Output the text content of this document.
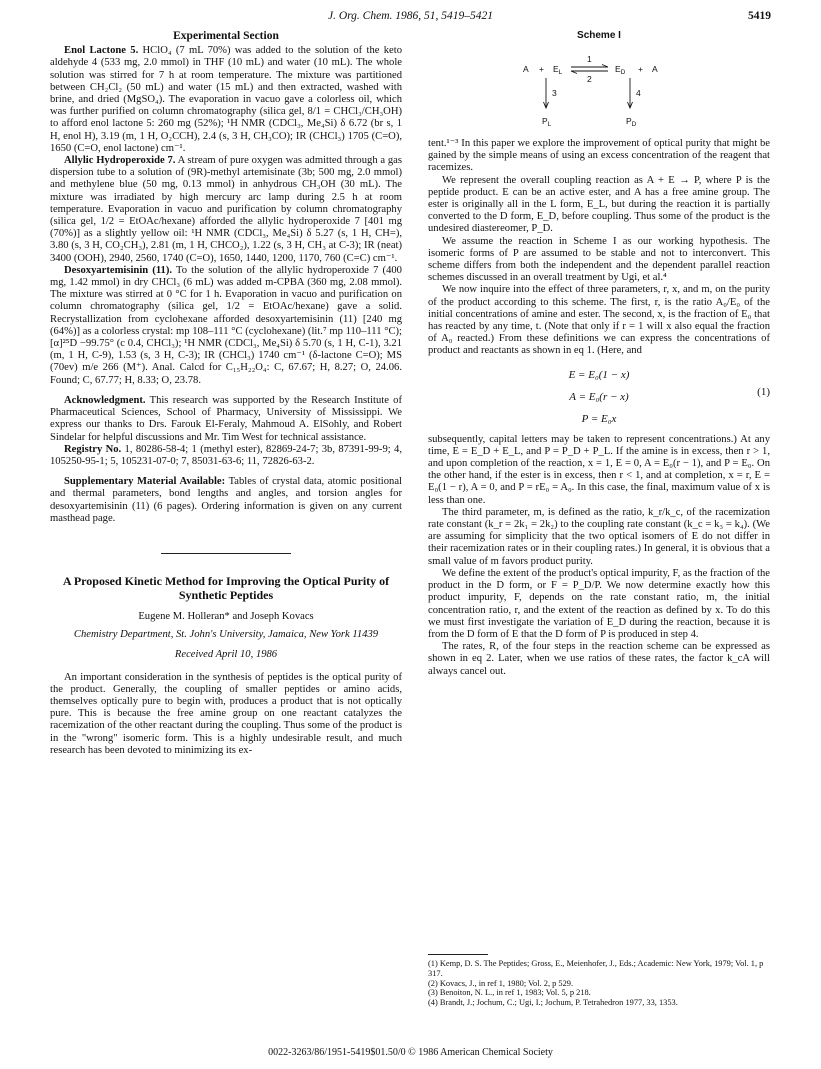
J. Org. Chem. 1986, 51, 5419–5421	5419
Experimental Section

Enol Lactone 5. HClO₄ (7 mL 70%) was added to the solution of the keto aldehyde 4 (533 mg, 2.0 mmol) in THF (10 mL) and water (10 mL). The whole solution was stirred for 7 h at room temperature. The mixture was partitioned between CH₂Cl₂ (50 mL) and water (15 mL) and then extracted, washed with brine, and dried (MgSO₄). The evaporation in vacuo gave a colorless oil, which was further purified on column chromatography (silica gel, 8/1 = CHCl₃/CH₃OH) to afford enol lactone 5: 260 mg (52%); ¹H NMR (CDCl₃, Me₄Si) δ 6.72 (br s, 1 H, enol H), 3.19 (m, 1 H, O₂CCH), 2.4 (s, 3 H, CH₃CO); IR (CHCl₃) 1705 (C=O), 1650 (C=O, enol lactone) cm⁻¹.

Allylic Hydroperoxide 7. A stream of pure oxygen was admitted through a gas dispersion tube to a solution of (9R)-methyl artemisinate (3b; 500 mg, 2.0 mmol) and methylene blue (50 mg, 0.13 mmol) in anhydrous CH₃OH (30 mL). The mixture was irradiated by high mercury arc lamp during 2.5 h at room temperature. Evaporation in vacuo and purification by column chromatography (silica gel, 1/2 = EtOAc/hexane) afforded the allylic hydroperoxide 7 [401 mg (70%)] as a slightly yellow oil: ¹H NMR (CDCl₃, Me₄Si) δ 5.27 (s, 1 H, CH=), 3.80 (s, 3 H, CO₂CH₃), 2.81 (m, 1 H, CHCO₂), 1.22 (s, 3 H, CH₃ at C-3); IR (neat) 3400 (OOH), 2940, 2560, 1740 (C=O), 1650, 1440, 1200, 1170, 760 (C=C) cm⁻¹.

Desoxyartemisinin (11). To the solution of the allylic hydroperoxide 7 (400 mg, 1.42 mmol) in dry CHCl₃ (6 mL) was added m-CPBA (360 mg, 2.08 mmol). The mixture was stirred at 0 °C for 1 h. Evaporation in vacuo and purification on column chromatography (silica gel, 1/2 = EtOAc/hexane) gave a solid. Recrystallization from cyclohexane afforded desoxyartemisinin (11) [240 mg (64%)] as a colorless crystal: mp 108–111 °C (cyclohexane) (lit.⁷ mp 110–111 °C); [α]²⁵D −99.75° (c 0.4, CHCl₃); ¹H NMR (CDCl₃, Me₄Si) δ 5.70 (s, 1 H, C-1), 3.21 (m, 1 H, C-9), 1.53 (s, 3 H, C-3); IR (CHCl₃) 1740 cm⁻¹ (δ-lactone C=O); MS (70ev) m/e 266 (M⁺). Anal. Calcd for C₁₅H₂₂O₄: C, 67.67; H, 8.27; O, 24.06. Found; C, 67.77; H, 8.33; O, 23.78.

Acknowledgment. This research was supported by the Research Institute of Pharmaceutical Sciences, School of Pharmacy, University of Mississippi. We express our thanks to Drs. Farouk El-Feraly, Mahmoud A. ElSohly, and Robert Sindelar for helpful discussions and Mr. Tim West for technical assistance.

Registry No. 1, 80286-58-4; 1 (methyl ester), 82869-24-7; 3b, 87391-99-9; 4, 105250-95-1; 5, 105231-07-0; 7, 85031-63-6; 11, 72826-63-2.

Supplementary Material Available: Tables of crystal data, atomic positional and thermal parameters, bond lengths and angles, and torsion angles for desoxyartemisinin (11) (6 pages). Ordering information is given on any current masthead page.

A Proposed Kinetic Method for Improving the Optical Purity of Synthetic Peptides

Eugene M. Holleran* and Joseph Kovacs

Chemistry Department, St. John's University, Jamaica, New York 11439

Received April 10, 1986

An important consideration in the synthesis of peptides is the optical purity of the product. Generally, the coupling of smaller peptides or amino acids, themselves optically pure to begin with, produces a product that is not optically pure. This is because the free amine group on one reactant catalyzes the racemization of the other reactant during the coupling. Thus some of the product is in the "wrong" isomeric form. This is a highly undesirable result, and much research has been devoted to minimizing its ex-

Scheme I
$A + E_L$
1
2
$E_D + A$
3	4
$P_L$	$P_D$

tent.¹⁻³ In this paper we explore the improvement of optical purity that might be gained by the simple means of using an excess concentration of the reagent that racemizes.

We represent the overall coupling reaction as A + E → P, where P is the peptide product. E can be an active ester, and A has a free amine group. The ester is originally all in the L form, E_L, but during the reaction it is partially converted to the D form, E_D, before coupling. Thus some of the product is the undesired diastereomer, P_D.

We assume the reaction in Scheme I as our working hypothesis. The isomeric forms of P are assumed to be stable and not to interconvert. This scheme differs from both the independent and the dependent parallel reaction schemes discussed in an overall treatment by Ugi, et al.⁴

We now inquire into the effect of three parameters, r, x, and m, on the purity of the product according to this scheme. The first, r, is the ratio A₀/E₀ of the initial concentrations of amine and ester. The second, x, is the fraction of E₀ that has reacted by any time, t. (Note that only if r = 1 will x also equal the fraction of A₀ reacted.) From these definitions we can express the concentrations of product and reactants as shown in eq 1. (Here, and

E = E₀(1 − x)
A = E₀(r − x)
P = E₀x
(1)

subsequently, capital letters may be taken to represent concentrations.) At any time, E = E_D + E_L, and P = P_D + P_L. If the amine is in excess, then r > 1, and upon completion of the reaction, x = 1, E = 0, A = E₀(r − 1), and P = E₀. On the other hand, if the ester is in excess, then r < 1, and at completion, x = r, E = E₀(1 − r), A = 0, and P = rE₀ = A₀. In this case, the final, maximum value of x is less than one.

The third parameter, m, is defined as the ratio, k_r/k_c, of the racemization rate constant (k_r = 2k₁ = 2k₂) to the coupling rate constant (k_c = k₃ = k₄). (We are assuming for simplicity that the two optical isomers of E do not differ in their racemization rates or in their coupling rates.) In general, it is obvious that a small value of m favors product purity.

We define the extent of the product's optical impurity, F, as the fraction of the product in the D form, or F = P_D/P. We now determine exactly how this product impurity, F, depends on the rate constant ratio, m, the initial concentration ratio, r, and the extent of the reaction as defined by x. To do this we must first investigate the variation of E_D during the reaction, because it is from the D form of E that the D form of P is produced in step 4.

The rates, R, of the four steps in the reaction scheme can be expressed as shown in eq 2. Later, when we use ratios of these rates, the factor k_cA will always cancel out.

(1) Kemp, D. S. The Peptides; Gross, E., Meienhofer, J., Eds.; Academic: New York, 1979; Vol. 1, p 317.
(2) Kovacs, J., in ref 1, 1980; Vol. 2, p 529.
(3) Benoiton, N. L., in ref 1, 1983; Vol. 5, p 218.
(4) Brandt, J.; Jochum, C.; Ugi, I.; Jochum, P. Tetrahedron 1977, 33, 1353.
0022-3263/86/1951-5419$01.50/0 © 1986 American Chemical Society
